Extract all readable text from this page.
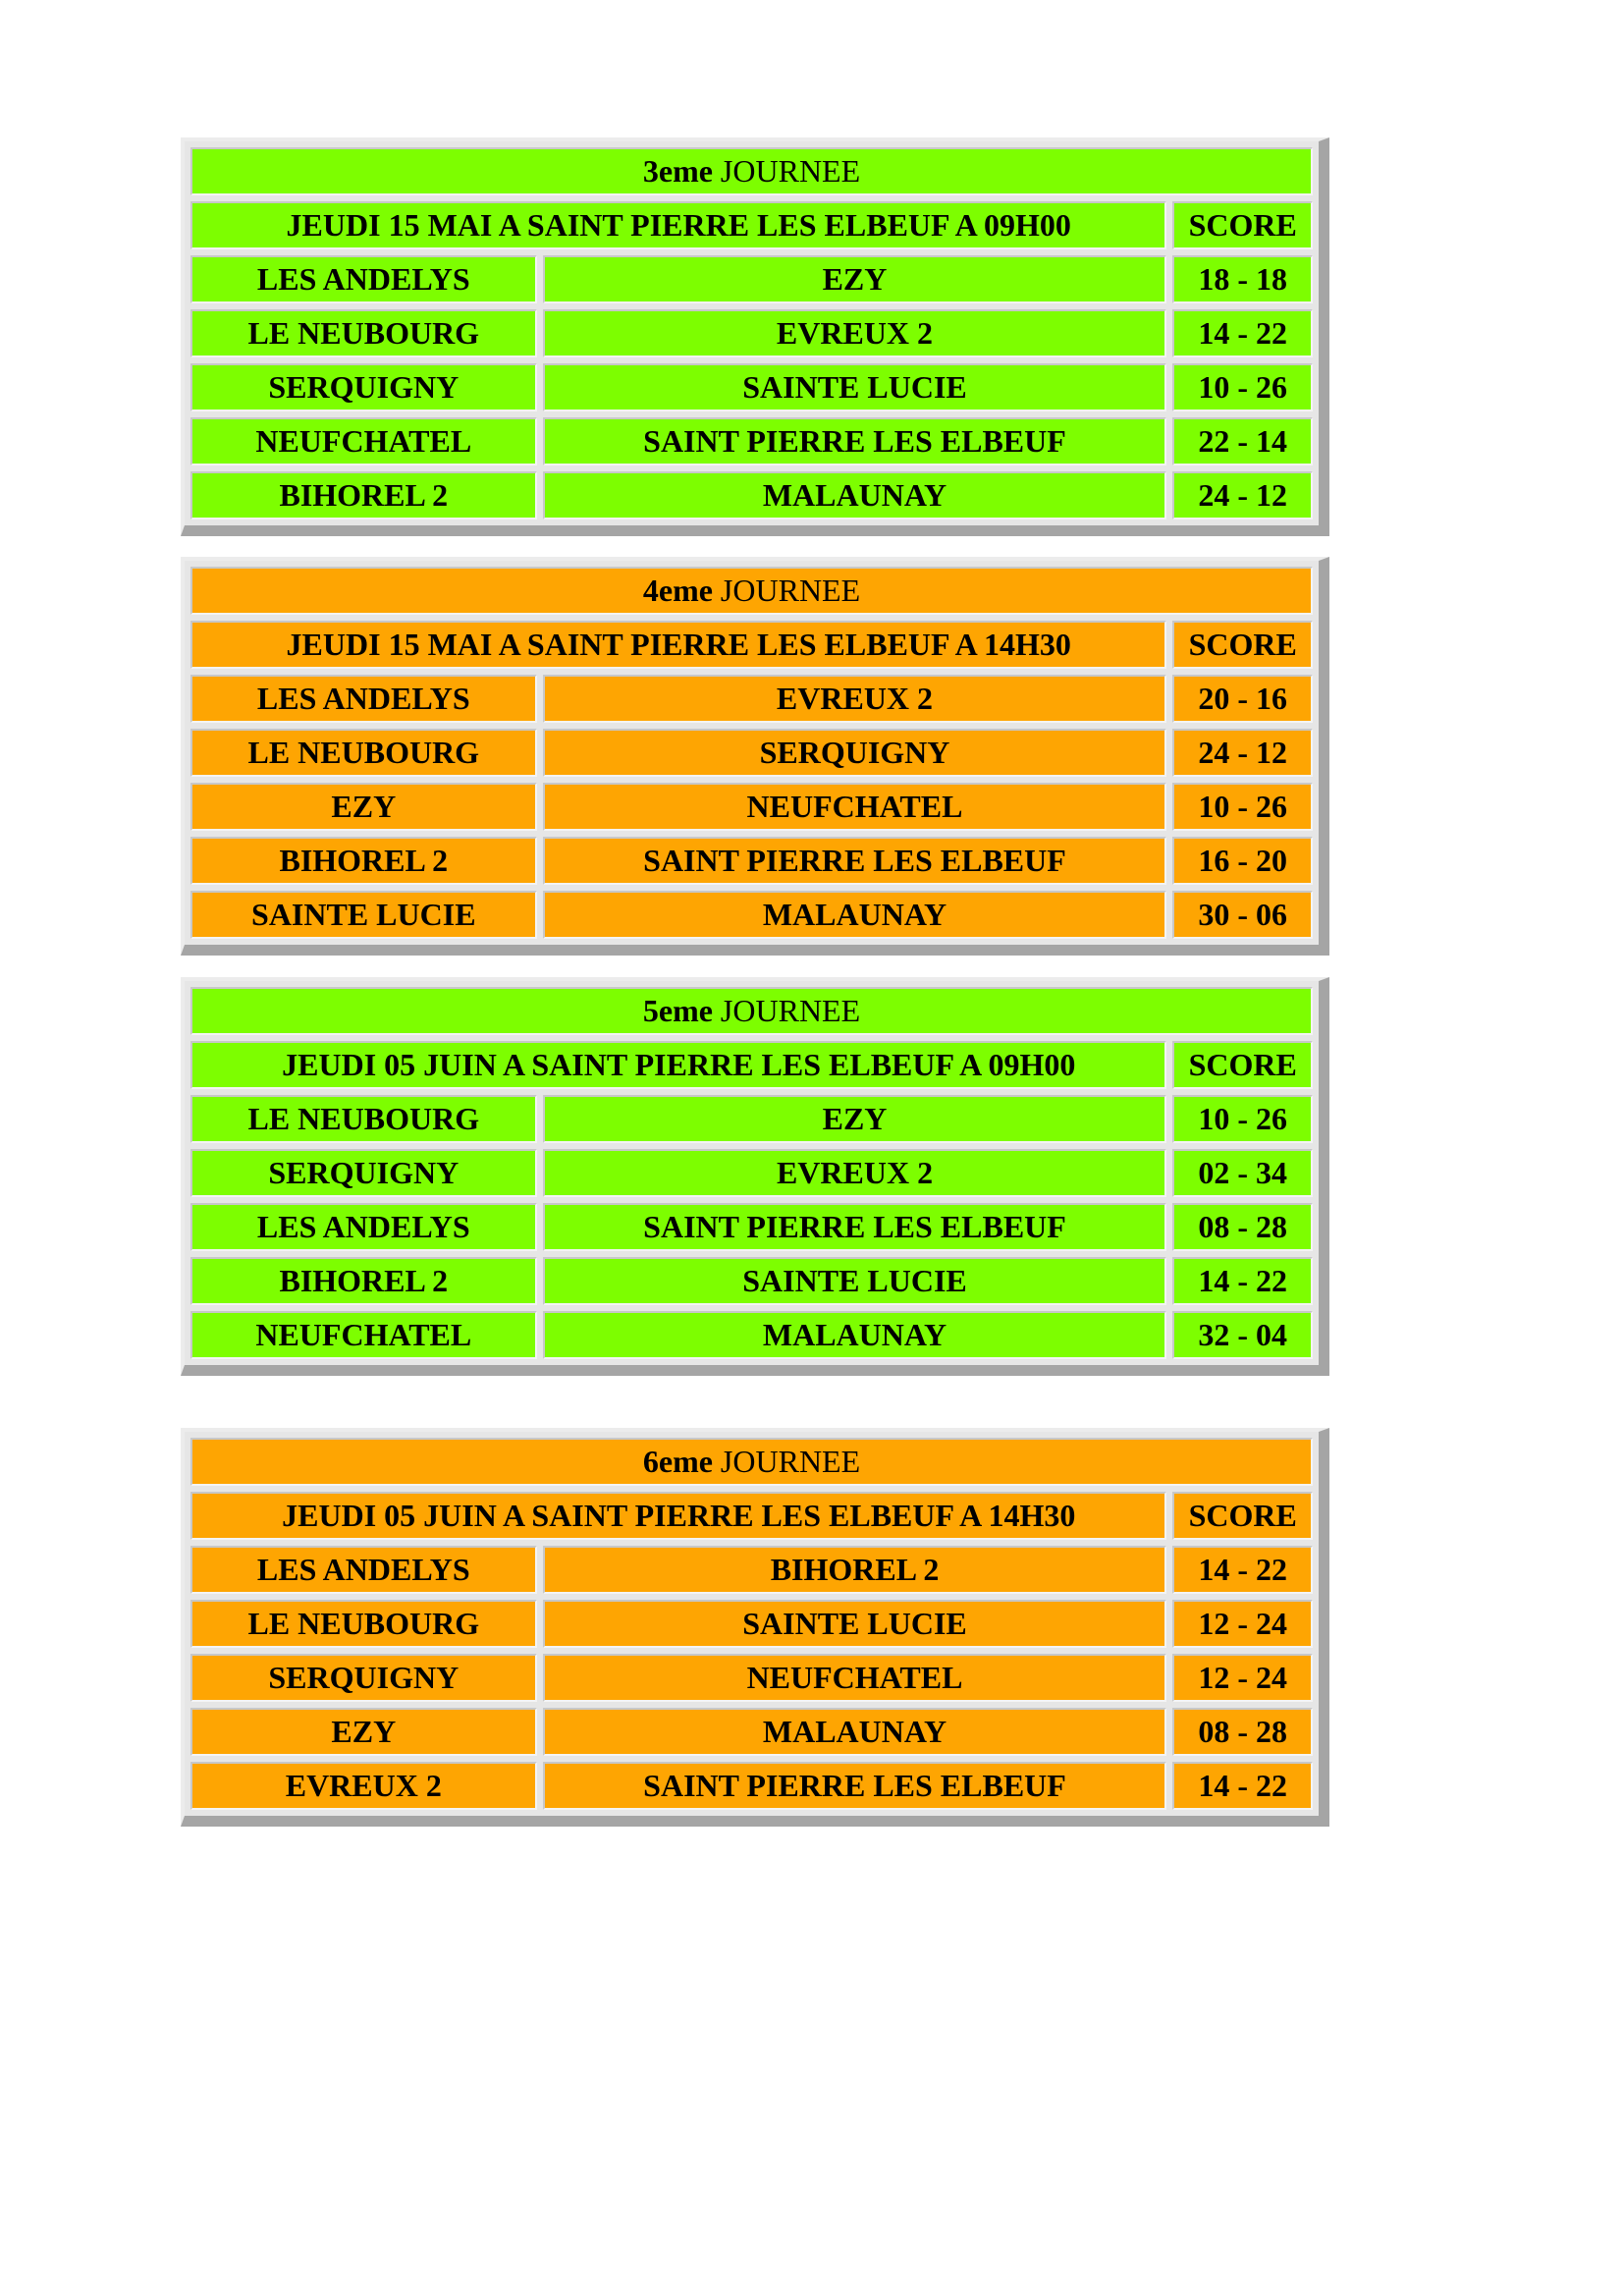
3eme JOURNEE		
JEUDI 15 MAI A SAINT PIERRE LES ELBEUF A 09H00		SCORE
LES ANDELYS	EZY	18 - 18
LE NEUBOURG	EVREUX 2	14 - 22
SERQUIGNY	SAINTE LUCIE	10 - 26
NEUFCHATEL	SAINT PIERRE LES ELBEUF	22 - 14
BIHOREL 2	MALAUNAY	24 - 12
4eme JOURNEE		
JEUDI 15 MAI A SAINT PIERRE LES ELBEUF A 14H30		SCORE
LES ANDELYS	EVREUX 2	20 - 16
LE NEUBOURG	SERQUIGNY	24 - 12
EZY	NEUFCHATEL	10 - 26
BIHOREL 2	SAINT PIERRE LES ELBEUF	16 - 20
SAINTE LUCIE	MALAUNAY	30 - 06
5eme JOURNEE		
JEUDI 05 JUIN A SAINT PIERRE LES ELBEUF A 09H00		SCORE
LE NEUBOURG	EZY	10 - 26
SERQUIGNY	EVREUX 2	02 - 34
LES ANDELYS	SAINT PIERRE LES ELBEUF	08 - 28
BIHOREL 2	SAINTE LUCIE	14 - 22
NEUFCHATEL	MALAUNAY	32 - 04
6eme JOURNEE		
JEUDI 05 JUIN A SAINT PIERRE LES ELBEUF A 14H30		SCORE
LES ANDELYS	BIHOREL 2	14 - 22
LE NEUBOURG	SAINTE LUCIE	12 - 24
SERQUIGNY	NEUFCHATEL	12 - 24
EZY	MALAUNAY	08 - 28
EVREUX 2	SAINT PIERRE LES ELBEUF	14 - 22
